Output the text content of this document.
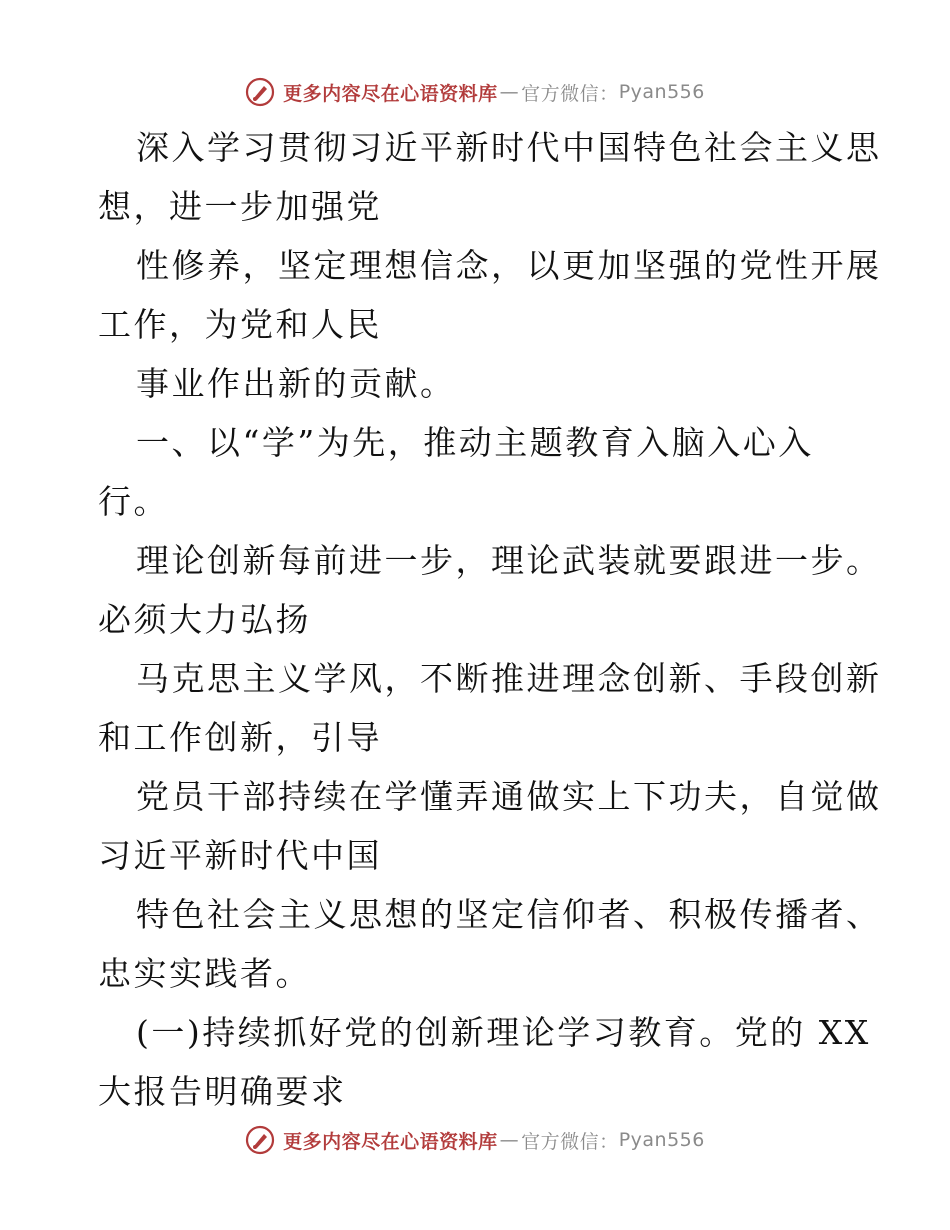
更多内容尽在心语资料库 — 官方微信： Pyan556
深入学习贯彻习近平新时代中国特色社会主义思
想，进一步加强党
性修养，坚定理想信念，以更加坚强的党性开展
工作，为党和人民
事业作出新的贡献。
一、以“学”为先，推动主题教育入脑入心入
行。
理论创新每前进一步，理论武装就要跟进一步。
必须大力弘扬
马克思主义学风，不断推进理念创新、手段创新
和工作创新，引导
党员干部持续在学懂弄通做实上下功夫，自觉做
习近平新时代中国
特色社会主义思想的坚定信仰者、积极传播者、
忠实实践者。
(一)持续抓好党的创新理论学习教育。党的 XX
大报告明确要求
更多内容尽在心语资料库 — 官方微信： Pyan556
